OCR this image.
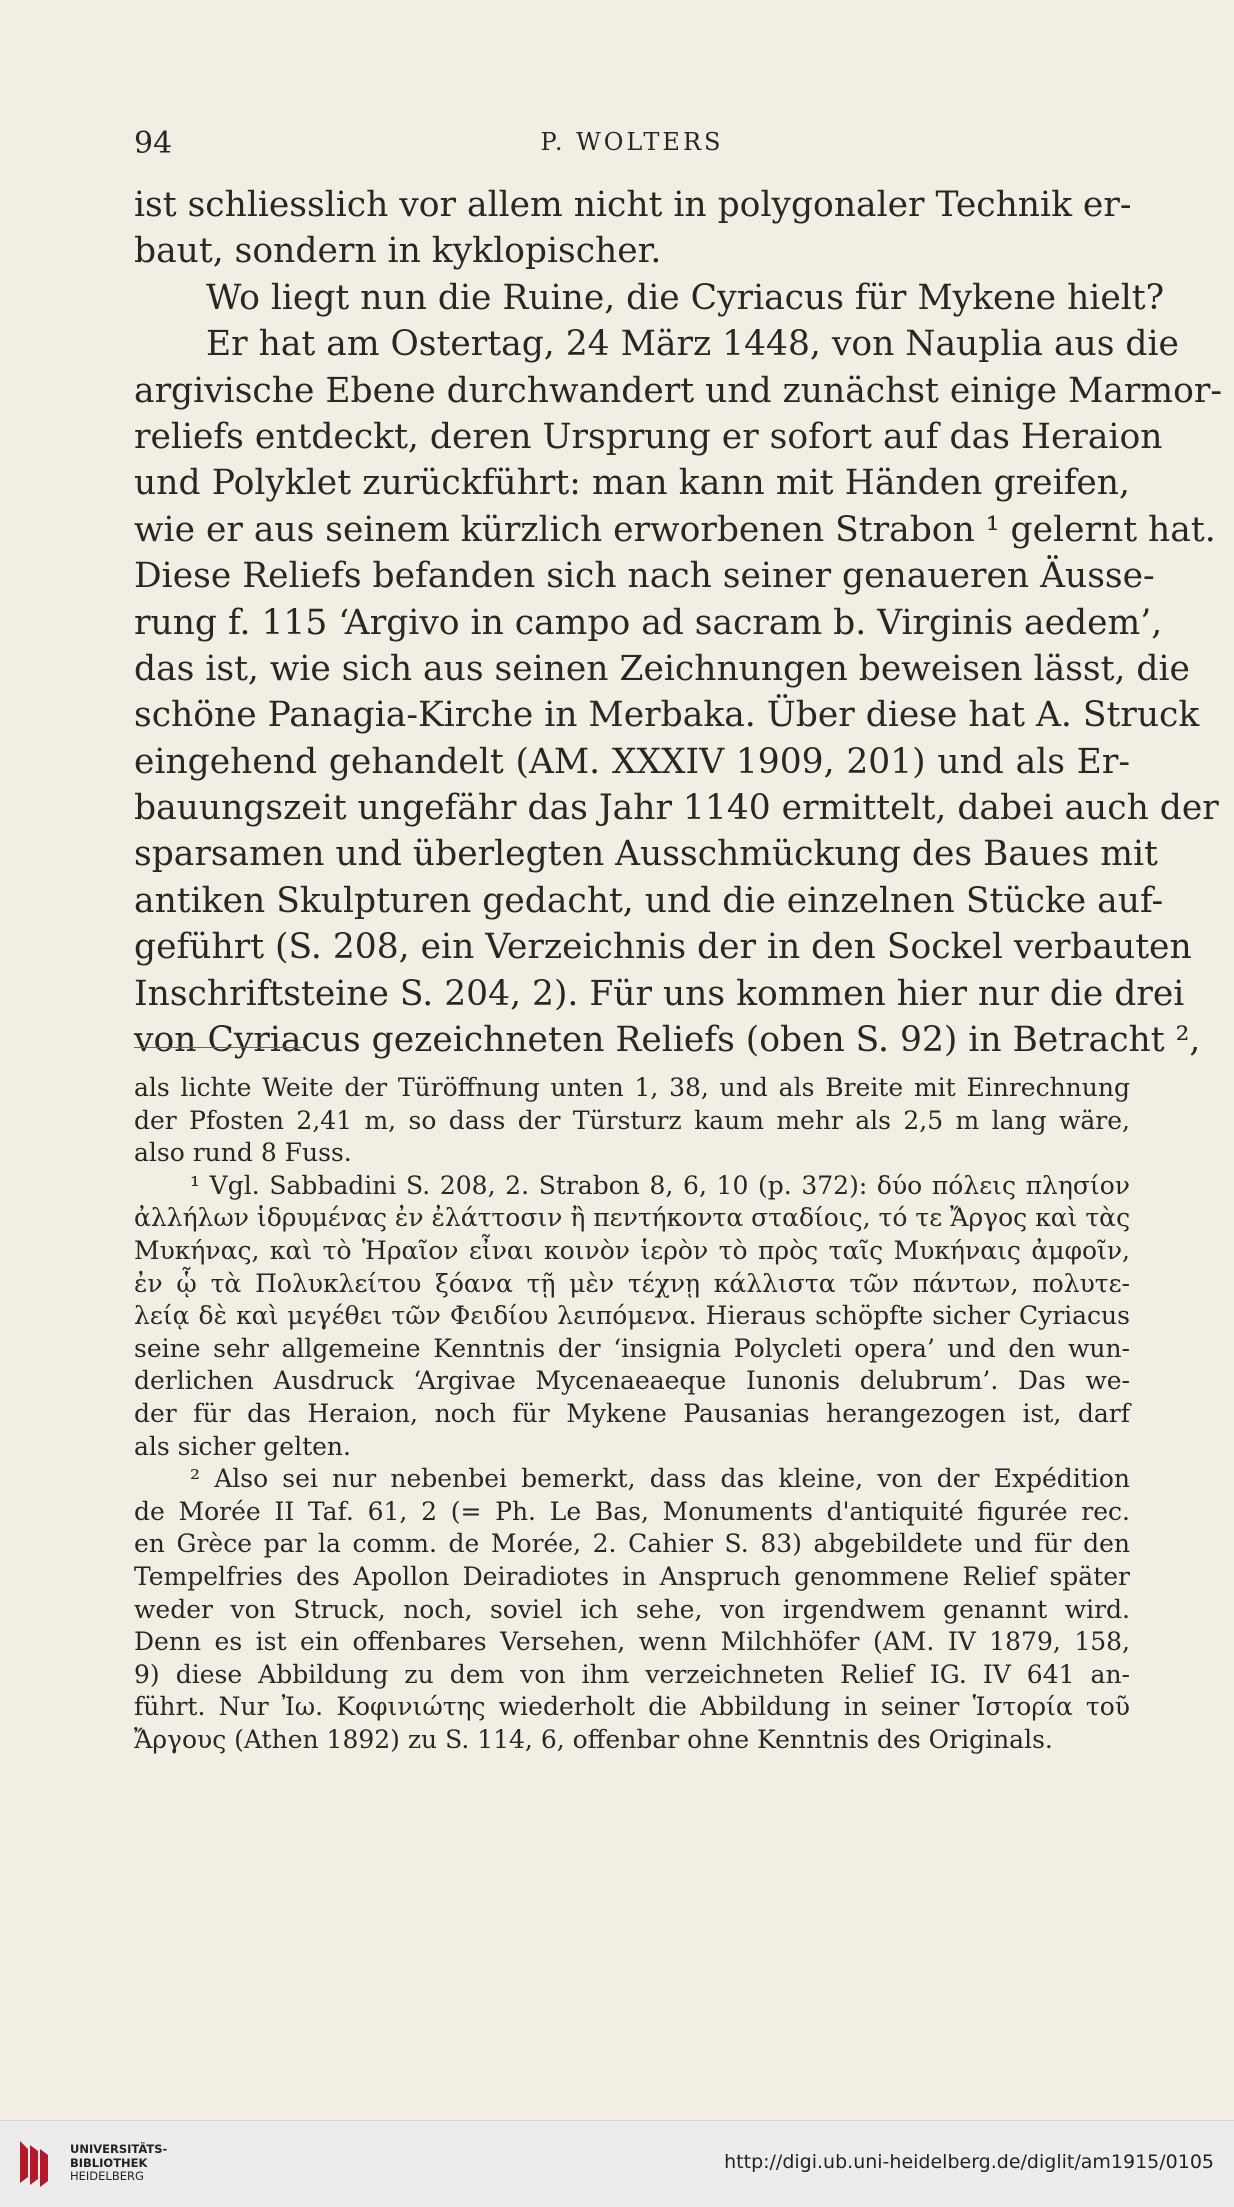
94	P. WOLTERS
ist schliesslich vor allem nicht in polygonaler Technik er-
baut, sondern in kyklopischer.
Wo liegt nun die Ruine, die Cyriacus für Mykene hielt?
Er hat am Ostertag, 24 März 1448, von Nauplia aus die
argivische Ebene durchwandert und zunächst einige Marmor-
reliefs entdeckt, deren Ursprung er sofort auf das Heraion
und Polyklet zurückführt: man kann mit Händen greifen,
wie er aus seinem kürzlich erworbenen Strabon ¹ gelernt hat.
Diese Reliefs befanden sich nach seiner genaueren Äusse-
rung f. 115 ‘Argivo in campo ad sacram b. Virginis aedem’,
das ist, wie sich aus seinen Zeichnungen beweisen lässt, die
schöne Panagia-Kirche in Merbaka. Über diese hat A. Struck
eingehend gehandelt (AM. XXXIV 1909, 201) und als Er-
bauungszeit ungefähr das Jahr 1140 ermittelt, dabei auch der
sparsamen und überlegten Ausschmückung des Baues mit
antiken Skulpturen gedacht, und die einzelnen Stücke auf-
geführt (S. 208, ein Verzeichnis der in den Sockel verbauten
Inschriftsteine S. 204, 2). Für uns kommen hier nur die drei
von Cyriacus gezeichneten Reliefs (oben S. 92) in Betracht ²,
als lichte Weite der Türöffnung unten 1, 38, und als Breite mit Einrechnung
der Pfosten 2,41 m, so dass der Türsturz kaum mehr als 2,5 m lang wäre,
also rund 8 Fuss.
¹ Vgl. Sabbadini S. 208, 2. Strabon 8, 6, 10 (p. 372): δύο πόλεις πλησίον
ἀλλήλων ἱδρυμένας ἐν ἐλάττοσιν ἢ πεντήκοντα σταδίοις, τό τε Ἄργος καὶ τὰς
Μυκήνας, καὶ τὸ Ἡραῖον εἶναι κοινὸν ἱερὸν τὸ πρὸς ταῖς Μυκήναις ἀμφοῖν,
ἐν ᾧ τὰ Πολυκλείτου ξόανα τῇ μὲν τέχνῃ κάλλιστα τῶν πάντων, πολυτε-
λείᾳ δὲ καὶ μεγέθει τῶν Φειδίου λειπόμενα. Hieraus schöpfte sicher Cyriacus
seine sehr allgemeine Kenntnis der ‘insignia Polycleti opera’ und den wun-
derlichen Ausdruck ‘Argivae Mycenaeaeque Iunonis delubrum’. Das we-
der für das Heraion, noch für Mykene Pausanias herangezogen ist, darf
als sicher gelten.
² Also sei nur nebenbei bemerkt, dass das kleine, von der Expédition
de Morée II Taf. 61, 2 (= Ph. Le Bas, Monuments d'antiquité figurée rec.
en Grèce par la comm. de Morée, 2. Cahier S. 83) abgebildete und für den
Tempelfries des Apollon Deiradiotes in Anspruch genommene Relief später
weder von Struck, noch, soviel ich sehe, von irgendwem genannt wird.
Denn es ist ein offenbares Versehen, wenn Milchhöfer (AM. IV 1879, 158,
9) diese Abbildung zu dem von ihm verzeichneten Relief IG. IV 641 an-
führt. Nur Ἰω. Κοφινιώτης wiederholt die Abbildung in seiner Ἱστορία τοῦ
Ἄργους (Athen 1892) zu S. 114, 6, offenbar ohne Kenntnis des Originals.
UNIVERSITÄTS-
BIBLIOTHEK
HEIDELBERG
http://digi.ub.uni-heidelberg.de/diglit/am1915/0105
